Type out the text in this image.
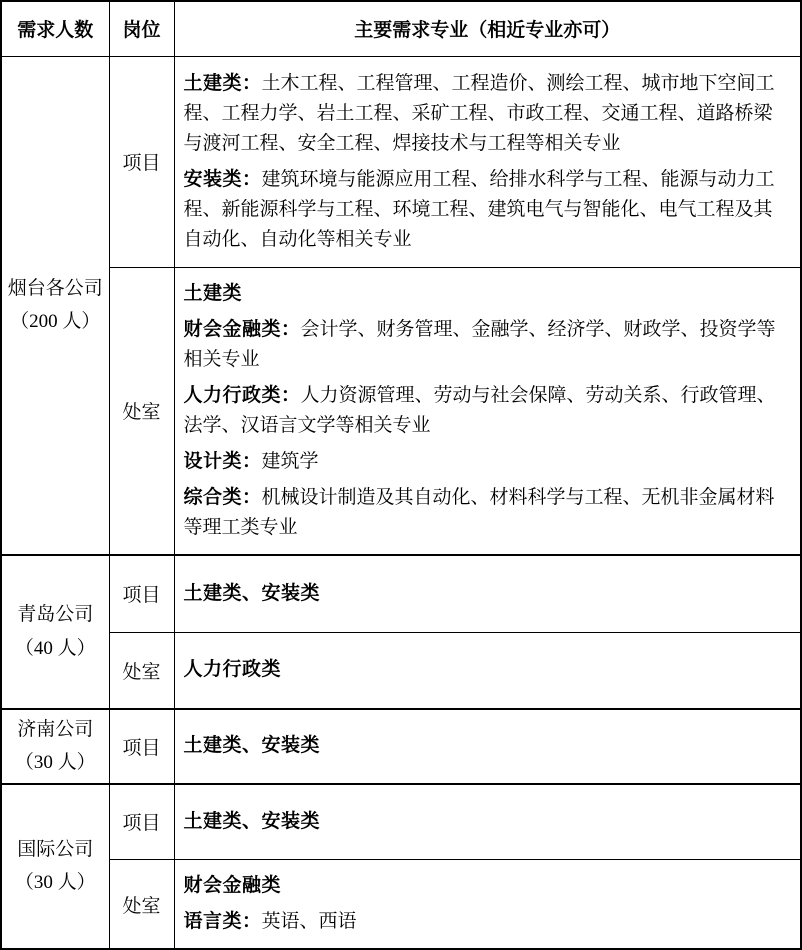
需求人数	岗位	主要需求专业（相近专业亦可）
烟台各公司
（200 人）	项目	

土建类：土木工程、工程管理、工程造价、测绘工程、城市地下空间工程、工程力学、岩土工程、采矿工程、市政工程、交通工程、道路桥梁与渡河工程、安全工程、焊接技术与工程等相关专业

安装类：建筑环境与能源应用工程、给排水科学与工程、能源与动力工程、新能源科学与工程、环境工程、建筑电气与智能化、电气工程及其自动化、自动化等相关专业

	处室	土建类

财会金融类：会计学、财务管理、金融学、经济学、财政学、投资学等相关专业

人力行政类：人力资源管理、劳动与社会保障、劳动关系、行政管理、法学、汉语言文学等相关专业

设计类：建筑学

综合类：机械设计制造及其自动化、材料科学与工程、无机非金属材料等理工类专业

青岛公司
（40 人）	项目	土建类、安装类

	处室	人力行政类

济南公司
（30 人）	项目	土建类、安装类

国际公司
（30 人）	项目	土建类、安装类

	处室	财会金融类

语言类：英语、西语
